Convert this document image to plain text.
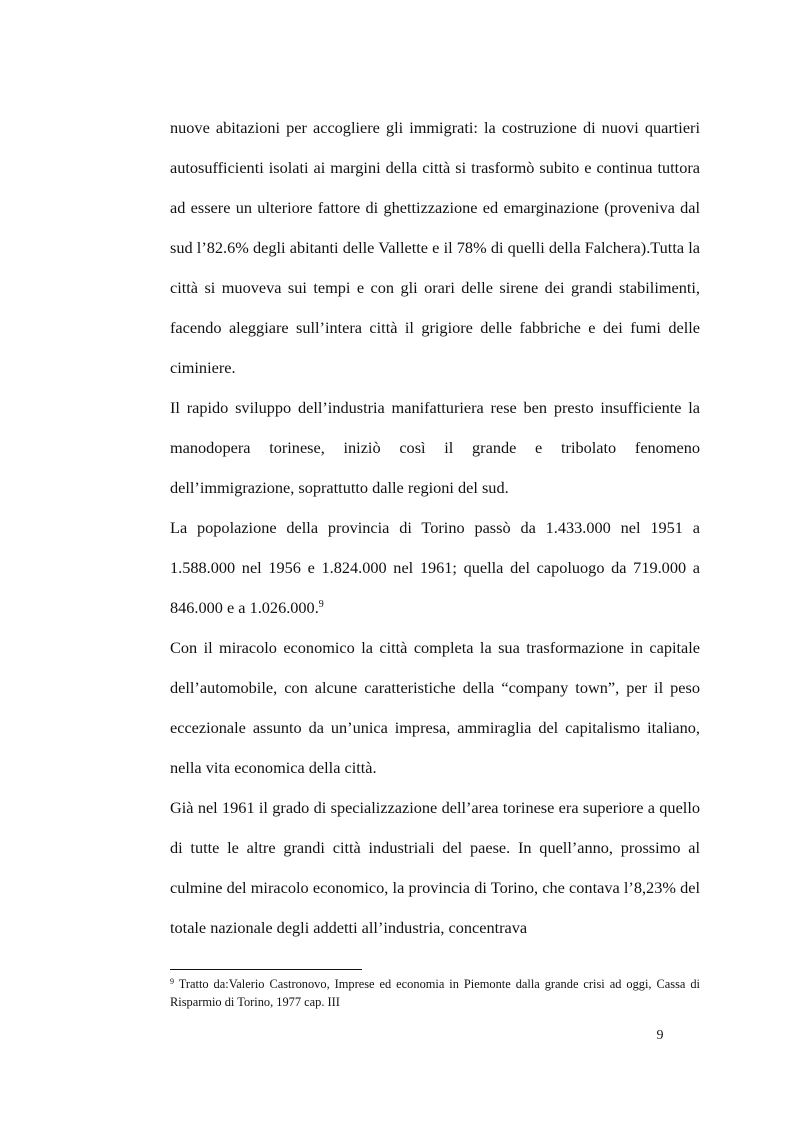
nuove abitazioni per accogliere gli immigrati: la costruzione di nuovi quartieri autosufficienti isolati ai margini della città si trasformò subito e continua tuttora ad essere un ulteriore fattore di ghettizzazione ed emarginazione (proveniva dal sud l’82.6% degli abitanti delle Vallette e il 78% di quelli della Falchera).Tutta la città si muoveva sui tempi e con gli orari delle sirene dei grandi stabilimenti, facendo aleggiare sull’intera città il grigiore delle fabbriche e dei fumi delle ciminiere.

Il rapido sviluppo dell’industria manifatturiera rese ben presto insufficiente la manodopera torinese, iniziò così il grande e tribolato fenomeno dell’immigrazione, soprattutto dalle regioni del sud.

La popolazione della provincia di Torino passò da 1.433.000 nel 1951 a 1.588.000 nel 1956 e 1.824.000 nel 1961; quella del capoluogo da 719.000 a 846.000 e a 1.026.000.$^9$

Con il miracolo economico la città completa la sua trasformazione in capitale dell’automobile, con alcune caratteristiche della “company town”, per il peso eccezionale assunto da un’unica impresa, ammiraglia del capitalismo italiano, nella vita economica della città.

Già nel 1961 il grado di specializzazione dell’area torinese era superiore a quello di tutte le altre grandi città industriali del paese. In quell’anno, prossimo al culmine del miracolo economico, la provincia di Torino, che contava l’8,23% del totale nazionale degli addetti all’industria, concentrava

$^9$ Tratto da:Valerio Castronovo, Imprese ed economia in Piemonte dalla grande crisi ad oggi, Cassa di Risparmio di Torino, 1977 cap. III
9
